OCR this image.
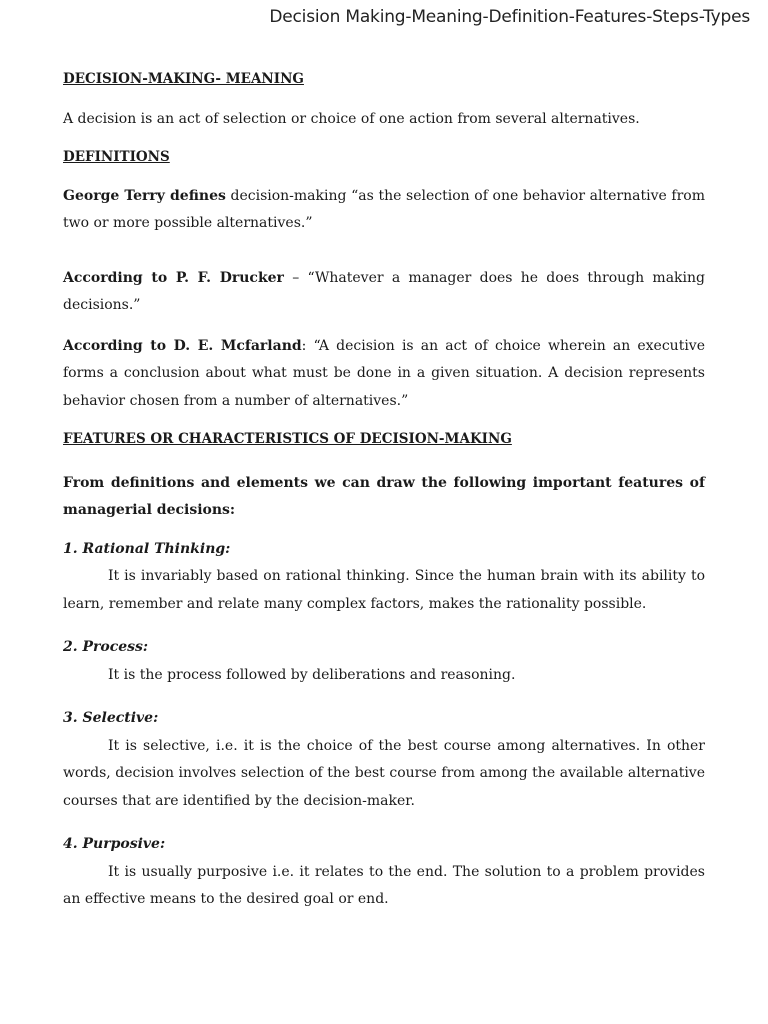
Decision Making-Meaning-Definition-Features-Steps-Types

DECISION-MAKING- MEANING

A decision is an act of selection or choice of one action from several alternatives.

DEFINITIONS

George Terry defines decision-making “as the selection of one behavior alternative from two or more possible alternatives.”

According to P. F. Drucker – “Whatever a manager does he does through making decisions.”

According to D. E. Mcfarland: “A decision is an act of choice wherein an executive forms a conclusion about what must be done in a given situation. A decision represents behavior chosen from a number of alternatives.”

FEATURES OR CHARACTERISTICS OF DECISION-MAKING

From definitions and elements we can draw the following important features of managerial decisions:

1. Rational Thinking:

It is invariably based on rational thinking. Since the human brain with its ability to learn, remember and relate many complex factors, makes the rationality possible.

2. Process:

It is the process followed by deliberations and reasoning.

3. Selective:

It is selective, i.e. it is the choice of the best course among alternatives. In other words, decision involves selection of the best course from among the available alternative courses that are identified by the decision-maker.

4. Purposive:

It is usually purposive i.e. it relates to the end. The solution to a problem provides an effective means to the desired goal or end.
